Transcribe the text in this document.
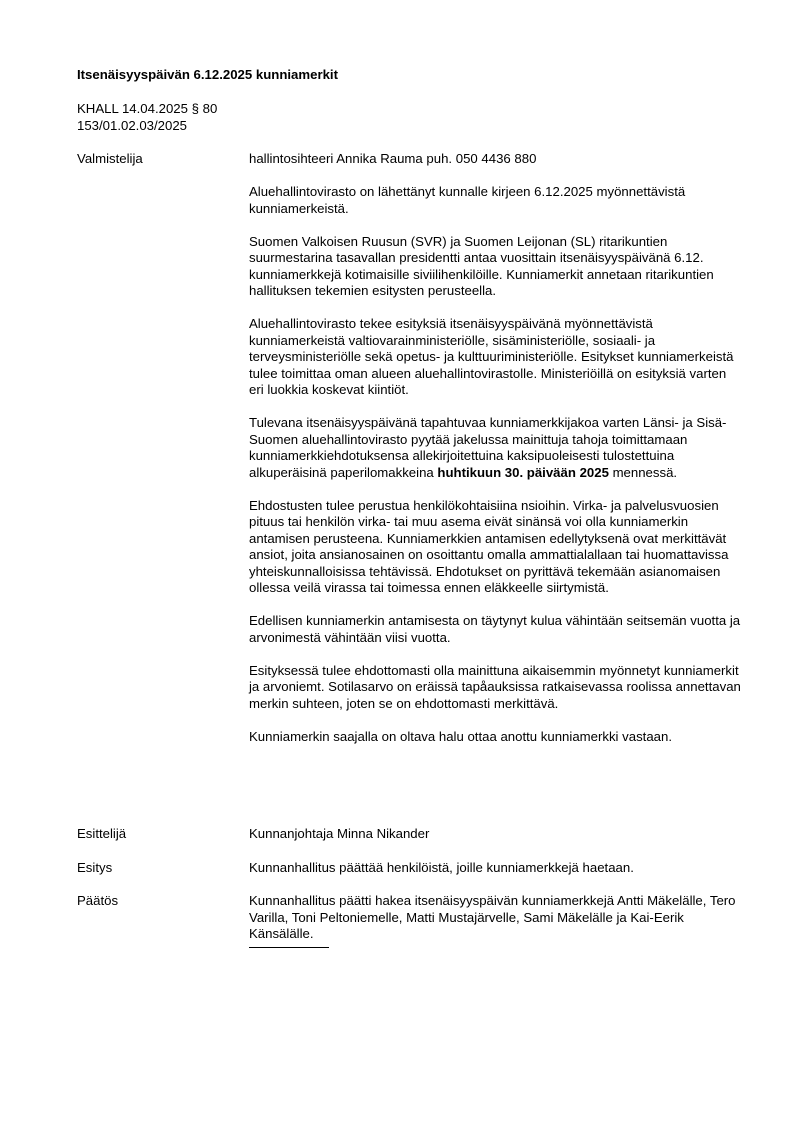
Itsenäisyyspäivän 6.12.2025 kunniamerkit
KHALL 14.04.2025 § 80
153/01.02.03/2025
Valmistelija	hallintosihteeri Annika Rauma puh. 050 4436 880

Aluehallintovirasto on lähettänyt kunnalle kirjeen 6.12.2025 myönnettävistä kunniamerkeistä.

Suomen Valkoisen Ruusun (SVR) ja Suomen Leijonan (SL) ritarikuntien suurmestarina tasavallan presidentti antaa vuosittain itsenäisyyspäivänä 6.12. kunniamerkkejä kotimaisille siviilihenkilöille. Kunniamerkit annetaan ritarikuntien hallituksen tekemien esitysten perusteella.

Aluehallintovirasto tekee esityksiä itsenäisyyspäivänä myönnettävistä kunniamerkeistä valtiovarainministeriölle, sisäministeriölle, sosiaali- ja terveysministeriölle sekä opetus- ja kulttuuriministeriölle. Esitykset kunniamerkeistä tulee toimittaa oman alueen aluehallintovirastolle. Ministeriöillä on esityksiä varten eri luokkia koskevat kiintiöt.

Tulevana itsenäisyyspäivänä tapahtuvaa kunniamerkkijakoa varten Länsi- ja Sisä-Suomen aluehallintovirasto pyytää jakelussa mainittuja tahoja toimittamaan kunniamerkkiehdotuksensa allekirjoitettuina kaksipuoleisesti tulostettuina alkuperäisinä paperilomakkeina huhtikuun 30. päivään 2025 mennessä.

Ehdostusten tulee perustua henkilökohtaisiina nsioihin. Virka- ja palvelusvuosien pituus tai henkilön virka- tai muu asema eivät sinänsä voi olla kunniamerkin antamisen perusteena. Kunniamerkkien antamisen edellytyksenä ovat merkittävät ansiot, joita ansianosainen on osoittantu omalla ammattialallaan tai huomattavissa yhteiskunnalloisissa tehtävissä. Ehdotukset on pyrittävä tekemään asianomaisen ollessa veilä virassa tai toimessa ennen eläkkeelle siirtymistä.

Edellisen kunniamerkin antamisesta on täytynyt kulua vähintään seitsemän vuotta ja arvonimestä vähintään viisi vuotta.

Esityksessä tulee ehdottomasti olla mainittuna aikaisemmin myönnetyt kunniamerkit ja arvoniemt. Sotilasarvo on eräissä tapåauksissa ratkaisevassa roolissa annettavan merkin suhteen, joten se on ehdottomasti merkittävä.

Kunniamerkin saajalla on oltava halu ottaa anottu kunniamerkki vastaan.

Esittelijä	Kunnanjohtaja Minna Nikander
Esitys	Kunnanhallitus päättää henkilöistä, joille kunniamerkkejä haetaan.
Päätös	Kunnanhallitus päätti hakea itsenäisyyspäivän kunniamerkkejä Antti Mäkelälle, Tero Varilla, Toni Peltoniemelle, Matti Mustajärvelle, Sami Mäkelälle ja Kai-Eerik Känsälälle.
